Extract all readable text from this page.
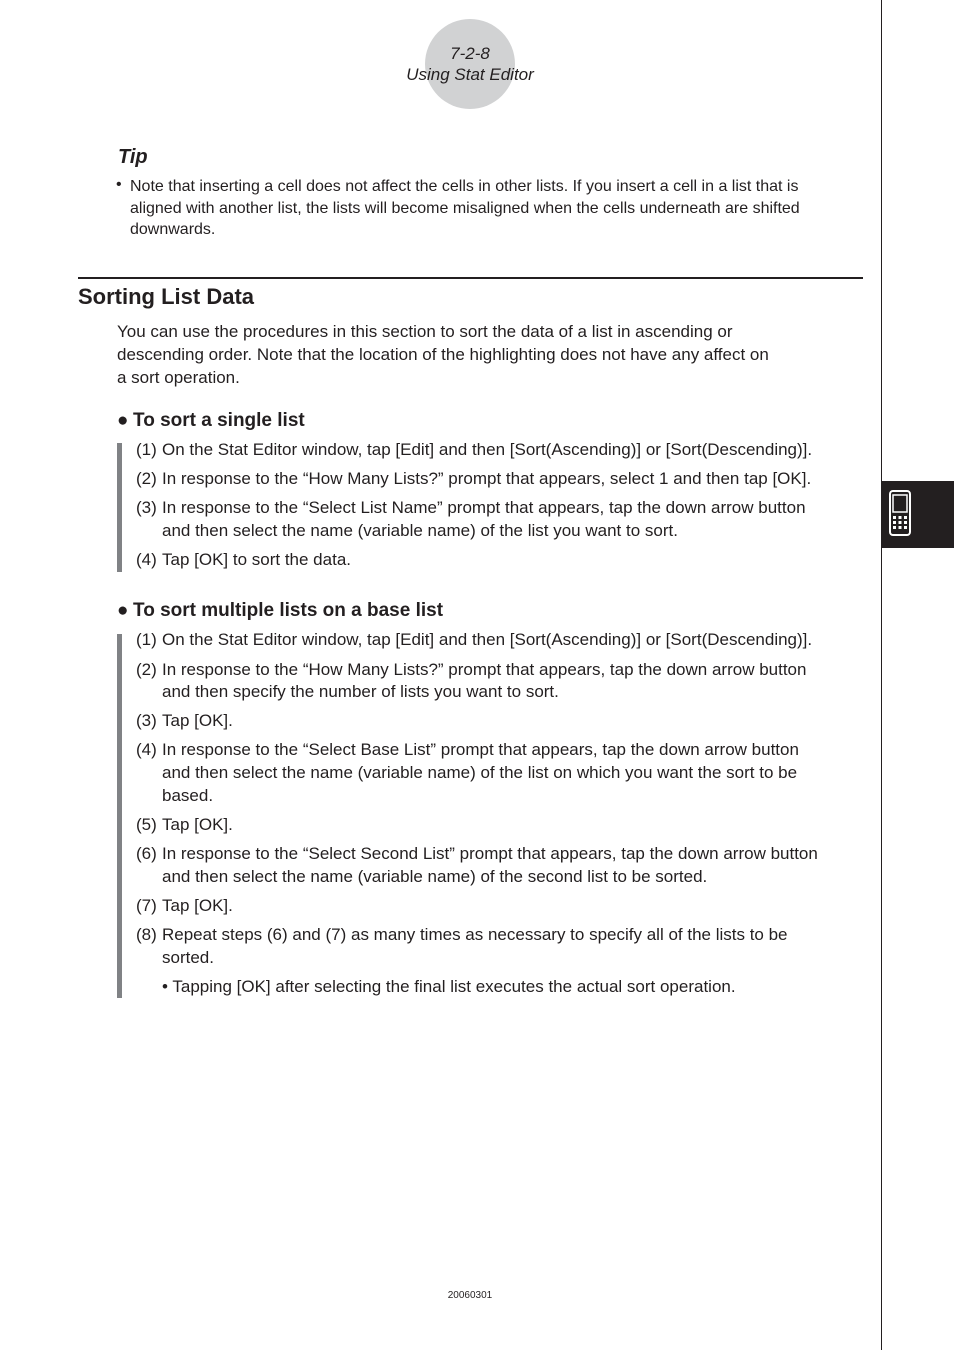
7-2-8
Using Stat Editor
Tip
• Note that inserting a cell does not affect the cells in other lists. If you insert a cell in a list that is
aligned with another list, the lists will become misaligned when the cells underneath are shifted
downwards.
Sorting List Data
You can use the procedures in this section to sort the data of a list in ascending or
descending order. Note that the location of the highlighting does not have any affect on
a sort operation.
● To sort a single list
(1) On the Stat Editor window, tap [Edit] and then [Sort(Ascending)] or [Sort(Descending)].
(2) In response to the “How Many Lists?” prompt that appears, select 1 and then tap [OK].
(3) In response to the “Select List Name” prompt that appears, tap the down arrow button
and then select the name (variable name) of the list you want to sort.
(4) Tap [OK] to sort the data.
● To sort multiple lists on a base list
(1) On the Stat Editor window, tap [Edit] and then [Sort(Ascending)] or [Sort(Descending)].
(2) In response to the “How Many Lists?” prompt that appears, tap the down arrow button
and then specify the number of lists you want to sort.
(3) Tap [OK].
(4) In response to the “Select Base List” prompt that appears, tap the down arrow button
and then select the name (variable name) of the list on which you want the sort to be
based.
(5) Tap [OK].
(6) In response to the “Select Second List” prompt that appears, tap the down arrow button
and then select the name (variable name) of the second list to be sorted.
(7) Tap [OK].
(8) Repeat steps (6) and (7) as many times as necessary to specify all of the lists to be
sorted.
• Tapping [OK] after selecting the final list executes the actual sort operation.
20060301
